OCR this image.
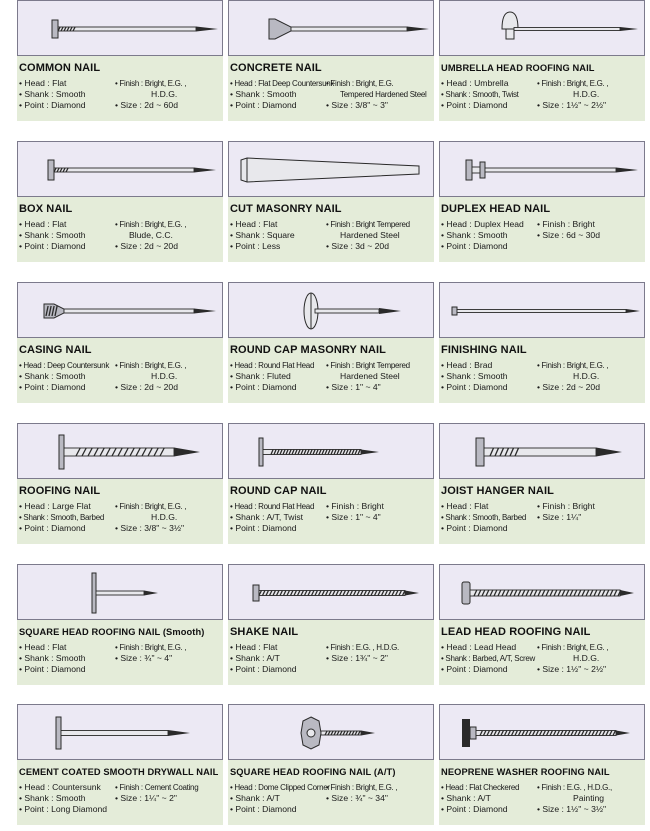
COMMON NAIL
• Head : Flat	• Finish : Bright, E.G. ,
• Shank : Smooth	H.D.G.
• Point : Diamond	• Size : 2d ~ 60d
CONCRETE NAIL
• Head : Flat Deep Countersunk
• Finish : Bright, E.G.
• Shank : Smooth	Tempered Hardened Steel
• Point : Diamond	• Size : 3/8" ~ 3"
UMBRELLA HEAD ROOFING NAIL
• Head : Umbrella	• Finish : Bright, E.G. ,
• Shank : Smooth, Twist	H.D.G.
• Point : Diamond	• Size : 1½" ~ 2½"
BOX NAIL
• Head : Flat	• Finish : Bright, E.G. ,
• Shank : Smooth	Blude, C.C.
• Point : Diamond	• Size : 2d ~ 20d
CUT MASONRY NAIL
• Head : Flat	• Finish : Bright Tempered
• Shank : Square	Hardened Steel
• Point : Less	• Size : 3d ~ 20d
DUPLEX HEAD NAIL
• Head : Duplex Head • Finish : Bright
• Shank : Smooth	• Size : 6d ~ 30d
• Point : Diamond
CASING NAIL
• Head : Deep Countersunk • Finish : Bright, E.G. ,
• Shank : Smooth	H.D.G.
• Point : Diamond	• Size : 2d ~ 20d
ROUND CAP MASONRY NAIL
• Head : Round Flat Head • Finish : Bright Tempered
• Shank : Fluted	Hardened Steel
• Point : Diamond	• Size : 1" ~ 4"
FINISHING NAIL
• Head : Brad	• Finish : Bright, E.G. ,
• Shank : Smooth	H.D.G.
• Point : Diamond	• Size : 2d ~ 20d
ROOFING NAIL
• Head : Large Flat	• Finish : Bright, E.G. ,
• Shank : Smooth, Barbed	H.D.G.
• Point : Diamond	• Size : 3/8" ~ 3½"
ROUND CAP NAIL
• Head : Round Flat Head • Finish : Bright
• Shank : A/T, Twist	• Size : 1" ~ 4"
• Point : Diamond
JOIST HANGER NAIL
• Head : Flat	• Finish : Bright
• Shank : Smooth, Barbed • Size : 1¼"
• Point : Diamond
SQUARE HEAD ROOFING NAIL (Smooth)
• Head : Flat	• Finish : Bright, E.G. ,
• Shank : Smooth	• Size : ¾" ~ 4"
• Point : Diamond
SHAKE NAIL
• Head : Flat	• Finish : E.G. , H.D.G.
• Shank : A/T	• Size : 1¾" ~ 2"
• Point : Diamond
LEAD HEAD ROOFING NAIL
• Head : Lead Head	• Finish : Bright, E.G. ,
• Shank : Barbed, A/T, Screw	H.D.G.
• Point : Diamond	• Size : 1½" ~ 2½"
CEMENT COATED SMOOTH DRYWALL NAIL
• Head : Countersunk • Finish : Cement Coating
• Shank : Smooth	• Size : 1¼" ~ 2"
• Point : Long Diamond
SQUARE HEAD ROOFING NAIL (A/T)
• Head : Dome Clipped Corner
• Finish : Bright, E.G. ,
• Shank : A/T	• Size : ¾" ~ 34"
• Point : Diamond
NEOPRENE WASHER ROOFING NAIL
• Head : Flat Checkered • Finish : E.G. , H.D.G.,
• Shank : A/T	Painting
• Point : Diamond	• Size : 1½" ~ 3½"
